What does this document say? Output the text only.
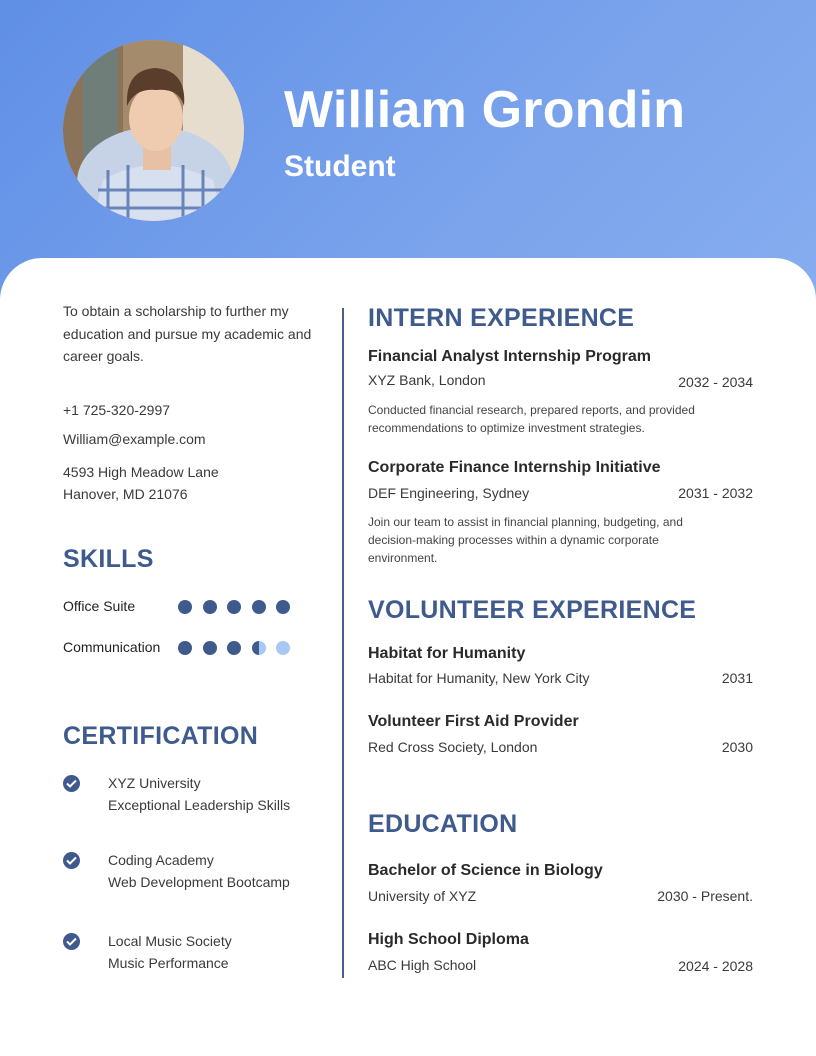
William Grondin
Student
To obtain a scholarship to further my education and pursue my academic and career goals.
+1 725-320-2997
William@example.com
4593 High Meadow Lane
Hanover, MD 21076
SKILLS
Office Suite
Communication
CERTIFICATION
XYZ University
Exceptional Leadership Skills
Coding Academy
Web Development Bootcamp
Local Music Society
Music Performance
INTERN EXPERIENCE
Financial Analyst Internship Program
XYZ Bank, London	2032 - 2034
Conducted financial research, prepared reports, and provided
recommendations to optimize investment strategies.
Corporate Finance Internship Initiative
DEF Engineering, Sydney	2031 - 2032
Join our team to assist in financial planning, budgeting, and
decision-making processes within a dynamic corporate
environment.
VOLUNTEER EXPERIENCE
Habitat for Humanity
Habitat for Humanity, New York City	2031
Volunteer First Aid Provider
Red Cross Society, London	2030
EDUCATION
Bachelor of Science in Biology
University of XYZ	2030 - Present.
High School Diploma
ABC High School	2024 - 2028
